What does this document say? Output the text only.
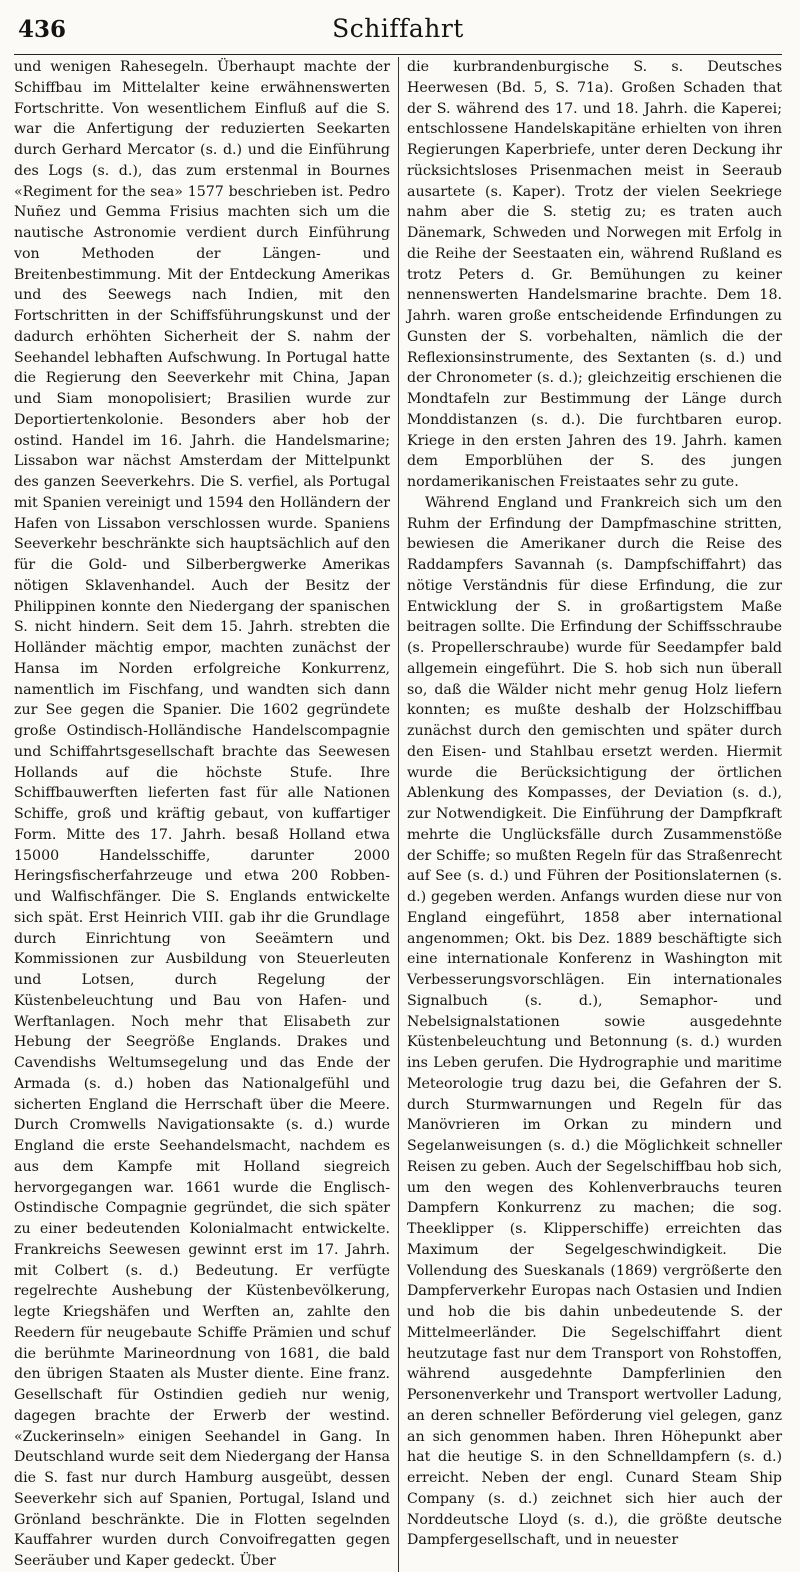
436	Schiffahrt

und wenigen Rahesegeln. Überhaupt machte der Schiffbau im Mittelalter keine erwähnenswerten Fortschritte. Von wesentlichem Einfluß auf die S. war die Anfertigung der reduzierten Seekarten durch Gerhard Mercator (s. d.) und die Einführung des Logs (s. d.), das zum erstenmal in Bournes «Regiment for the sea» 1577 beschrieben ist. Pedro Nuñez und Gemma Frisius machten sich um die nautische Astronomie verdient durch Einführung von Methoden der Längen- und Breitenbestimmung. Mit der Entdeckung Amerikas und des Seewegs nach Indien, mit den Fortschritten in der Schiffsführungskunst und der dadurch erhöhten Sicherheit der S. nahm der Seehandel lebhaften Aufschwung. In Portugal hatte die Regierung den Seeverkehr mit China, Japan und Siam monopolisiert; Brasilien wurde zur Deportiertenkolonie. Besonders aber hob der ostind. Handel im 16. Jahrh. die Handelsmarine; Lissabon war nächst Amsterdam der Mittelpunkt des ganzen Seeverkehrs. Die S. verfiel, als Portugal mit Spanien vereinigt und 1594 den Holländern der Hafen von Lissabon verschlossen wurde. Spaniens Seeverkehr beschränkte sich hauptsächlich auf den für die Gold- und Silberbergwerke Amerikas nötigen Sklavenhandel. Auch der Besitz der Philippinen konnte den Niedergang der spanischen S. nicht hindern. Seit dem 15. Jahrh. strebten die Holländer mächtig empor, machten zunächst der Hansa im Norden erfolgreiche Konkurrenz, namentlich im Fischfang, und wandten sich dann zur See gegen die Spanier. Die 1602 gegründete große Ostindisch-Holländische Handelscompagnie und Schiffahrtsgesellschaft brachte das Seewesen Hollands auf die höchste Stufe. Ihre Schiffbauwerften lieferten fast für alle Nationen Schiffe, groß und kräftig gebaut, von kuffartiger Form. Mitte des 17. Jahrh. besaß Holland etwa 15000 Handelsschiffe, darunter 2000 Heringsfischerfahrzeuge und etwa 200 Robben- und Walfischfänger. Die S. Englands entwickelte sich spät. Erst Heinrich VIII. gab ihr die Grundlage durch Einrichtung von Seeämtern und Kommissionen zur Ausbildung von Steuerleuten und Lotsen, durch Regelung der Küstenbeleuchtung und Bau von Hafen- und Werftanlagen. Noch mehr that Elisabeth zur Hebung der Seegröße Englands. Drakes und Cavendishs Weltumsegelung und das Ende der Armada (s. d.) hoben das Nationalgefühl und sicherten England die Herrschaft über die Meere. Durch Cromwells Navigationsakte (s. d.) wurde England die erste Seehandelsmacht, nachdem es aus dem Kampfe mit Holland siegreich hervorgegangen war. 1661 wurde die Englisch-Ostindische Compagnie gegründet, die sich später zu einer bedeutenden Kolonialmacht entwickelte. Frankreichs Seewesen gewinnt erst im 17. Jahrh. mit Colbert (s. d.) Bedeutung. Er verfügte regelrechte Aushebung der Küstenbevölkerung, legte Kriegshäfen und Werften an, zahlte den Reedern für neugebaute Schiffe Prämien und schuf die berühmte Marineordnung von 1681, die bald den übrigen Staaten als Muster diente. Eine franz. Gesellschaft für Ostindien gedieh nur wenig, dagegen brachte der Erwerb der westind. «Zuckerinseln» einigen Seehandel in Gang. In Deutschland wurde seit dem Niedergang der Hansa die S. fast nur durch Hamburg ausgeübt, dessen Seeverkehr sich auf Spanien, Portugal, Island und Grönland beschränkte. Die in Flotten segelnden Kauffahrer wurden durch Convoifregatten gegen Seeräuber und Kaper gedeckt. Über

die kurbrandenburgische S. s. Deutsches Heerwesen (Bd. 5, S. 71a). Großen Schaden that der S. während des 17. und 18. Jahrh. die Kaperei; entschlossene Handelskapitäne erhielten von ihren Regierungen Kaperbriefe, unter deren Deckung ihr rücksichtsloses Prisenmachen meist in Seeraub ausartete (s. Kaper). Trotz der vielen Seekriege nahm aber die S. stetig zu; es traten auch Dänemark, Schweden und Norwegen mit Erfolg in die Reihe der Seestaaten ein, während Rußland es trotz Peters d. Gr. Bemühungen zu keiner nennenswerten Handelsmarine brachte. Dem 18. Jahrh. waren große entscheidende Erfindungen zu Gunsten der S. vorbehalten, nämlich die der Reflexionsinstrumente, des Sextanten (s. d.) und der Chronometer (s. d.); gleichzeitig erschienen die Mondtafeln zur Bestimmung der Länge durch Monddistanzen (s. d.). Die furchtbaren europ. Kriege in den ersten Jahren des 19. Jahrh. kamen dem Emporblühen der S. des jungen nordamerikanischen Freistaates sehr zu gute.

Während England und Frankreich sich um den Ruhm der Erfindung der Dampfmaschine stritten, bewiesen die Amerikaner durch die Reise des Raddampfers Savannah (s. Dampfschiffahrt) das nötige Verständnis für diese Erfindung, die zur Entwicklung der S. in großartigstem Maße beitragen sollte. Die Erfindung der Schiffsschraube (s. Propellerschraube) wurde für Seedampfer bald allgemein eingeführt. Die S. hob sich nun überall so, daß die Wälder nicht mehr genug Holz liefern konnten; es mußte deshalb der Holzschiffbau zunächst durch den gemischten und später durch den Eisen- und Stahlbau ersetzt werden. Hiermit wurde die Berücksichtigung der örtlichen Ablenkung des Kompasses, der Deviation (s. d.), zur Notwendigkeit. Die Einführung der Dampfkraft mehrte die Unglücksfälle durch Zusammenstöße der Schiffe; so mußten Regeln für das Straßenrecht auf See (s. d.) und Führen der Positionslaternen (s. d.) gegeben werden. Anfangs wurden diese nur von England eingeführt, 1858 aber international angenommen; Okt. bis Dez. 1889 beschäftigte sich eine internationale Konferenz in Washington mit Verbesserungsvorschlägen. Ein internationales Signalbuch (s. d.), Semaphor- und Nebelsignalstationen sowie ausgedehnte Küstenbeleuchtung und Betonnung (s. d.) wurden ins Leben gerufen. Die Hydrographie und maritime Meteorologie trug dazu bei, die Gefahren der S. durch Sturmwarnungen und Regeln für das Manövrieren im Orkan zu mindern und Segelanweisungen (s. d.) die Möglichkeit schneller Reisen zu geben. Auch der Segelschiffbau hob sich, um den wegen des Kohlenverbrauchs teuren Dampfern Konkurrenz zu machen; die sog. Theeklipper (s. Klipperschiffe) erreichten das Maximum der Segelgeschwindigkeit. Die Vollendung des Sueskanals (1869) vergrößerte den Dampferverkehr Europas nach Ostasien und Indien und hob die bis dahin unbedeutende S. der Mittelmeerländer. Die Segelschiffahrt dient heutzutage fast nur dem Transport von Rohstoffen, während ausgedehnte Dampferlinien den Personenverkehr und Transport wertvoller Ladung, an deren schneller Beförderung viel gelegen, ganz an sich genommen haben. Ihren Höhepunkt aber hat die heutige S. in den Schnelldampfern (s. d.) erreicht. Neben der engl. Cunard Steam Ship Company (s. d.) zeichnet sich hier auch der Norddeutsche Lloyd (s. d.), die größte deutsche Dampfergesellschaft, und in neuester
